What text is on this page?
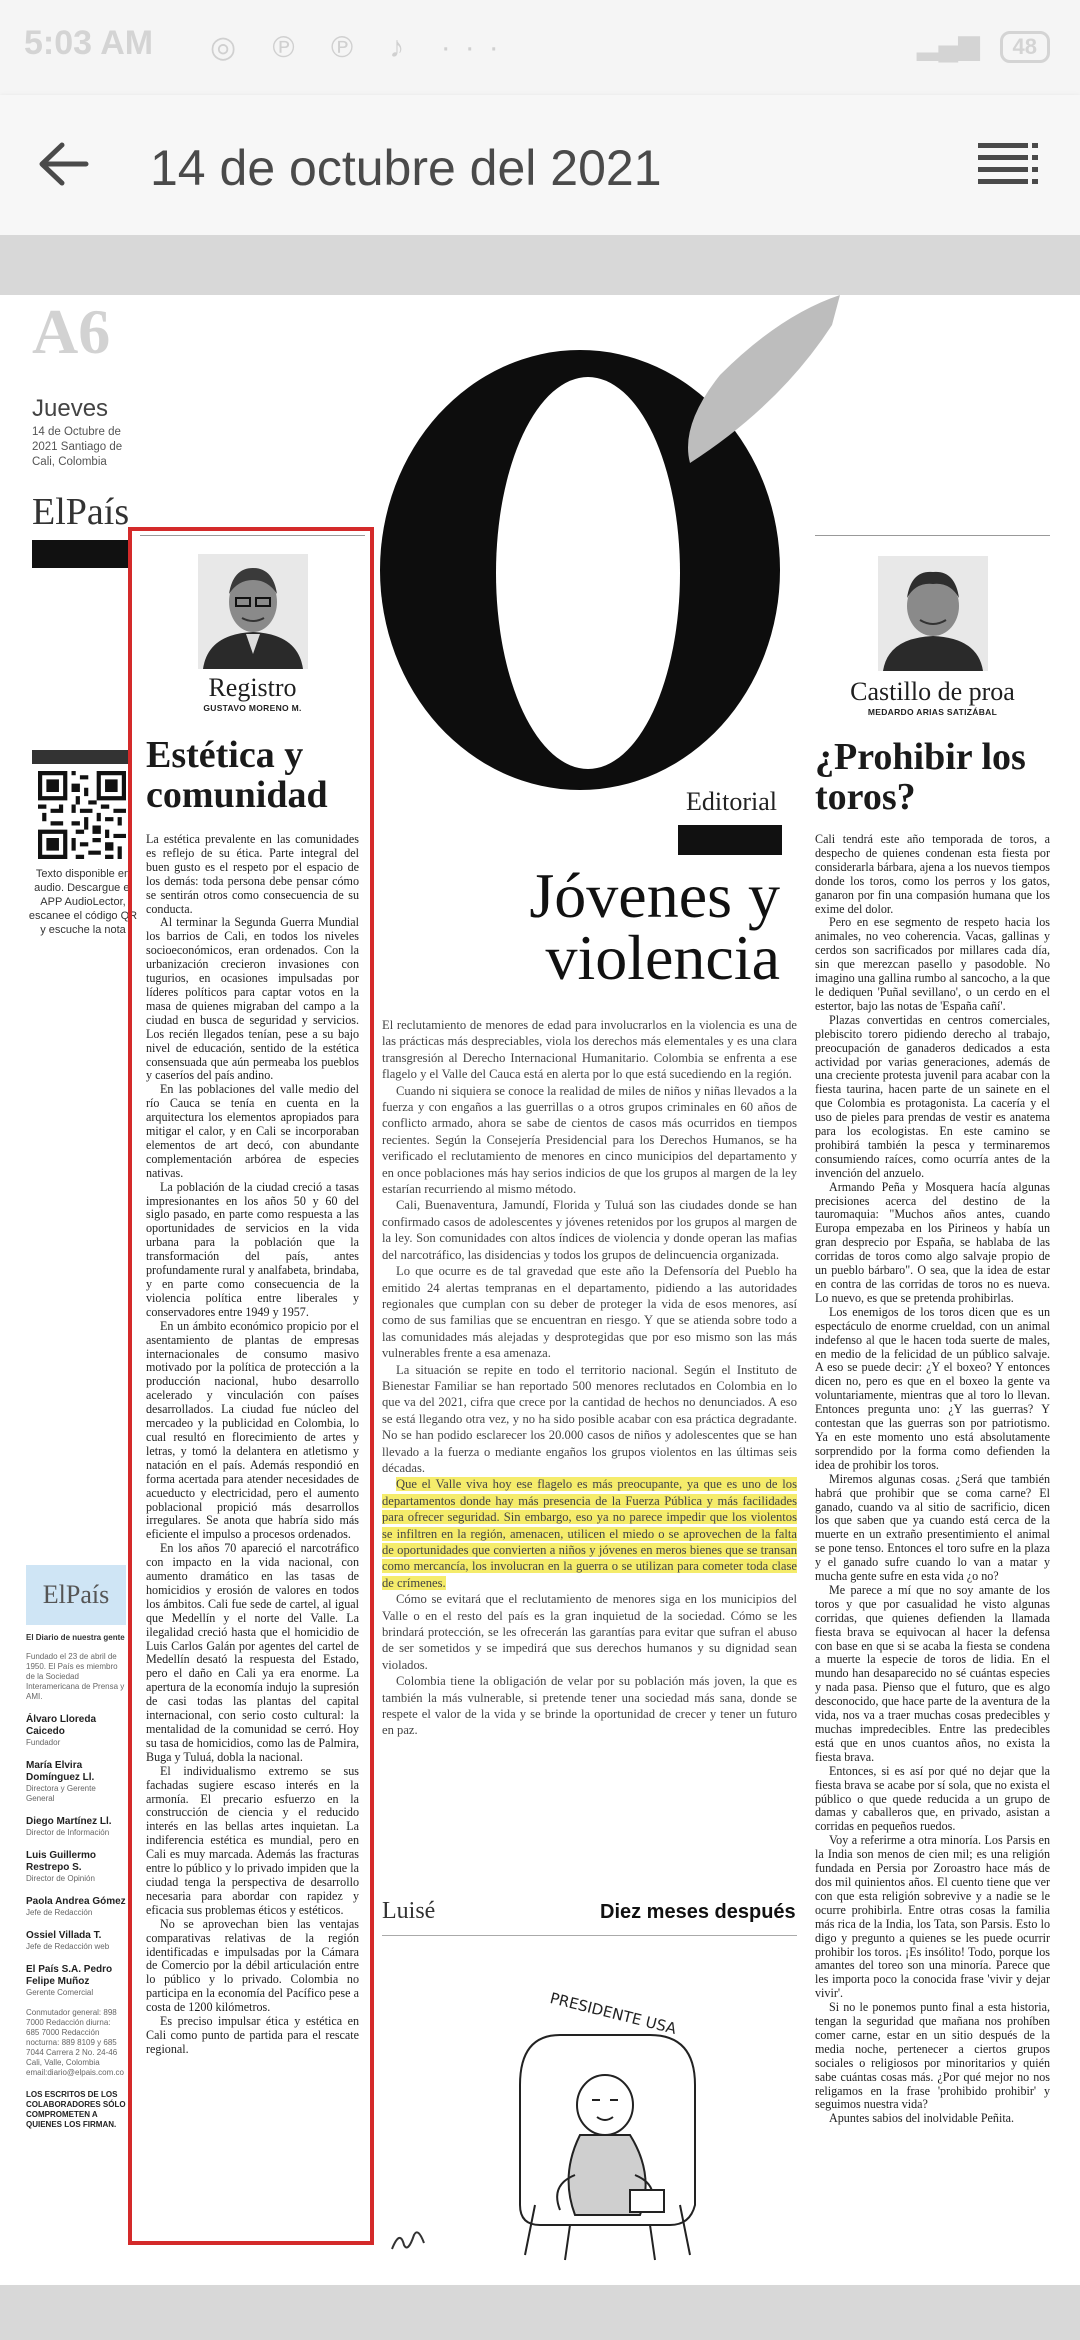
5:03 AM ◎ ℗ ℗ ♪ ···	▂▄▆ 48
14 de octubre del 2021
A6
Jueves
14 de Octubre de 2021 Santiago de Cali, Colombia
ElPaís
Texto disponible en audio. Descargue el APP AudioLector, escanee el código QR y escuche la nota
Registro
GUSTAVO MORENO M.
Estética y comunidad

La estética prevalente en las comunidades es reflejo de su ética. Parte integral del buen gusto es el respeto por el espacio de los demás: toda persona debe pensar cómo se sentirán otros como consecuencia de su conducta.

Al terminar la Segunda Guerra Mundial los barrios de Cali, en todos los niveles socioeconómicos, eran ordenados. Con la urbanización crecieron invasiones con tugurios, en ocasiones impulsadas por líderes políticos para captar votos en la masa de quienes migraban del campo a la ciudad en busca de seguridad y servicios. Los recién llegados tenían, pese a su bajo nivel de educación, sentido de la estética consensuada que aún permeaba los pueblos y caseríos del país andino.

En las poblaciones del valle medio del río Cauca se tenía en cuenta en la arquitectura los elementos apropiados para mitigar el calor, y en Cali se incorporaban elementos de art decó, con abundante complementación arbórea de especies nativas.

La población de la ciudad creció a tasas impresionantes en los años 50 y 60 del siglo pasado, en parte como respuesta a las oportunidades de servicios en la vida urbana para la población que la transformación del país, antes profundamente rural y analfabeta, brindaba, y en parte como consecuencia de la violencia política entre liberales y conservadores entre 1949 y 1957.

En un ámbito económico propicio por el asentamiento de plantas de empresas internacionales de consumo masivo motivado por la política de protección a la producción nacional, hubo desarrollo acelerado y vinculación con países desarrollados. La ciudad fue núcleo del mercadeo y la publicidad en Colombia, lo cual resultó en florecimiento de artes y letras, y tomó la delantera en atletismo y natación en el país. Además respondió en forma acertada para atender necesidades de acueducto y electricidad, pero el aumento poblacional propició más desarrollos irregulares. Se anota que habría sido más eficiente el impulso a procesos ordenados.

En los años 70 apareció el narcotráfico con impacto en la vida nacional, con aumento dramático en las tasas de homicidios y erosión de valores en todos los ámbitos. Cali fue sede de cartel, al igual que Medellín y el norte del Valle. La ilegalidad creció hasta que el homicidio de Luis Carlos Galán por agentes del cartel de Medellín desató la respuesta del Estado, pero el daño en Cali ya era enorme. La apertura de la economía indujo la supresión de casi todas las plantas del capital internacional, con serio costo cultural: la mentalidad de la comunidad se cerró. Hoy su tasa de homicidios, como las de Palmira, Buga y Tuluá, dobla la nacional.

El individualismo extremo se sus fachadas sugiere escaso interés en la armonía. El precario esfuerzo en la construcción de ciencia y el reducido interés en las bellas artes inquietan. La indiferencia estética es mundial, pero en Cali es muy marcada. Además las fracturas entre lo público y lo privado impiden que la ciudad tenga la perspectiva de desarrollo necesaria para abordar con rapidez y eficacia sus problemas éticos y estéticos.

No se aprovechan bien las ventajas comparativas relativas de la región identificadas e impulsadas por la Cámara de Comercio por la débil articulación entre lo público y lo privado. Colombia no participa en la economía del Pacífico pese a costa de 1200 kilómetros.

Es preciso impulsar ética y estética en Cali como punto de partida para el rescate regional.

Editorial
Jóvenes y violencia

El reclutamiento de menores de edad para involucrarlos en la violencia es una de las prácticas más despreciables, viola los derechos más elementales y es una clara transgresión al Derecho Internacional Humanitario. Colombia se enfrenta a ese flagelo y el Valle del Cauca está en alerta por lo que está sucediendo en la región.

Cuando ni siquiera se conoce la realidad de miles de niños y niñas llevados a la fuerza y con engaños a las guerrillas o a otros grupos criminales en 60 años de conflicto armado, ahora se sabe de cientos de casos más ocurridos en tiempos recientes. Según la Consejería Presidencial para los Derechos Humanos, se ha verificado el reclutamiento de menores en cinco municipios del departamento y en once poblaciones más hay serios indicios de que los grupos al margen de la ley estarían recurriendo al mismo método.

Cali, Buenaventura, Jamundí, Florida y Tuluá son las ciudades donde se han confirmado casos de adolescentes y jóvenes retenidos por los grupos al margen de la ley. Son comunidades con altos índices de violencia y donde operan las mafias del narcotráfico, las disidencias y todos los grupos de delincuencia organizada.

Lo que ocurre es de tal gravedad que este año la Defensoría del Pueblo ha emitido 24 alertas tempranas en el departamento, pidiendo a las autoridades regionales que cumplan con su deber de proteger la vida de esos menores, así como de sus familias que se encuentran en riesgo. Y que se atienda sobre todo a las comunidades más alejadas y desprotegidas que por eso mismo son las más vulnerables frente a esa amenaza.

La situación se repite en todo el territorio nacional. Según el Instituto de Bienestar Familiar se han reportado 500 menores reclutados en Colombia en lo que va del 2021, cifra que crece por la cantidad de hechos no denunciados. A eso se está llegando otra vez, y no ha sido posible acabar con esa práctica degradante. No se han podido esclarecer los 20.000 casos de niños y adolescentes que se han llevado a la fuerza o mediante engaños los grupos violentos en las últimas seis décadas.

Que el Valle viva hoy ese flagelo es más preocupante, ya que es uno de los departamentos donde hay más presencia de la Fuerza Pública y más facilidades para ofrecer seguridad. Sin embargo, eso ya no parece impedir que los violentos se infiltren en la región, amenacen, utilicen el miedo o se aprovechen de la falta de oportunidades que convierten a niños y jóvenes en meros bienes que se transan como mercancía, los involucran en la guerra o se utilizan para cometer toda clase de crímenes.

Cómo se evitará que el reclutamiento de menores siga en los municipios del Valle o en el resto del país es la gran inquietud de la sociedad. Cómo se les brindará protección, se les ofrecerán las garantías para evitar que sufran el abuso de ser sometidos y se impedirá que sus derechos humanos y su dignidad sean violados.

Colombia tiene la obligación de velar por su población más joven, la que es también la más vulnerable, si pretende tener una sociedad más sana, donde se respete el valor de la vida y se brinde la oportunidad de crecer y tener un futuro en paz.

Luisé	Diez meses después
PRESIDENTE USA
Castillo de proa
MEDARDO ARIAS SATIZÁBAL
¿Prohibir los toros?

Cali tendrá este año temporada de toros, a despecho de quienes condenan esta fiesta por considerarla bárbara, ajena a los nuevos tiempos donde los toros, como los perros y los gatos, ganaron por fin una compasión humana que los exime del dolor.

Pero en ese segmento de respeto hacia los animales, no veo coherencia. Vacas, gallinas y cerdos son sacrificados por millares cada día, sin que merezcan pasello y pasodoble. No imagino una gallina rumbo al sancocho, a la que le dediquen 'Puñal sevillano', o un cerdo en el estertor, bajo las notas de 'España cañí'.

Plazas convertidas en centros comerciales, plebiscito torero pidiendo derecho al trabajo, preocupación de ganaderos dedicados a esta actividad por varias generaciones, además de una creciente protesta juvenil para acabar con la fiesta taurina, hacen parte de un sainete en el que Colombia es protagonista. La cacería y el uso de pieles para prendas de vestir es anatema para los ecologistas. En este camino se prohibirá también la pesca y terminaremos consumiendo raíces, como ocurría antes de la invención del anzuelo.

Armando Peña y Mosquera hacía algunas precisiones acerca del destino de la tauromaquia: "Muchos años antes, cuando Europa empezaba en los Pirineos y había un gran desprecio por España, se hablaba de las corridas de toros como algo salvaje propio de un pueblo bárbaro". O sea, que la idea de estar en contra de las corridas de toros no es nueva. Lo nuevo, es que se pretenda prohibirlas.

Los enemigos de los toros dicen que es un espectáculo de enorme crueldad, con un animal indefenso al que le hacen toda suerte de males, en medio de la felicidad de un público salvaje. A eso se puede decir: ¿Y el boxeo? Y entonces dicen no, pero es que en el boxeo la gente va voluntariamente, mientras que al toro lo llevan. Entonces pregunta uno: ¿Y las guerras? Y contestan que las guerras son por patriotismo. Ya en este momento uno está absolutamente sorprendido por la forma como defienden la idea de prohibir los toros.

Miremos algunas cosas. ¿Será que también habrá que prohibir que se coma carne? El ganado, cuando va al sitio de sacrificio, dicen los que saben que ya cuando está cerca de la muerte en un extraño presentimiento el animal se pone tenso. Entonces el toro sufre en la plaza y el ganado sufre cuando lo van a matar y mucha gente sufre en esta vida ¿o no?

Me parece a mí que no soy amante de los toros y que por casualidad he visto algunas corridas, que quienes defienden la llamada fiesta brava se equivocan al hacer la defensa con base en que si se acaba la fiesta se condena a muerte la especie de toros de lidia. En el mundo han desaparecido no sé cuántas especies y nada pasa. Pienso que el futuro, que es algo desconocido, que hace parte de la aventura de la vida, nos va a traer muchas cosas predecibles y muchas impredecibles. Entre las predecibles está que en unos cuantos años, no exista la fiesta brava.

Entonces, si es así por qué no dejar que la fiesta brava se acabe por sí sola, que no exista el público o que quede reducida a un grupo de damas y caballeros que, en privado, asistan a corridas en pequeños ruedos.

Voy a referirme a otra minoría. Los Parsis en la India son menos de cien mil; es una religión fundada en Persia por Zoroastro hace más de dos mil quinientos años. El cuento tiene que ver con que esta religión sobrevive y a nadie se le ocurre prohibirla. Entre otras cosas la familia más rica de la India, los Tata, son Parsis. Esto lo digo y pregunto a quienes se les puede ocurrir prohibir los toros. ¡Es insólito! Todo, porque los amantes del toreo son una minoría. Parece que les importa poco la conocida frase 'vivir y dejar vivir'.

Si no le ponemos punto final a esta historia, tengan la seguridad que mañana nos prohíben comer carne, estar en un sitio después de la media noche, pertenecer a ciertos grupos sociales o religiosos por minoritarios y quién sabe cuántas cosas más. ¿Por qué mejor no nos religamos en la frase 'prohibido prohibir' y seguimos nuestra vida?

Apuntes sabios del inolvidable Peñita.

ElPaís
El Diario de nuestra gente
Fundado el 23 de abril de 1950. El País es miembro de la Sociedad Interamericana de Prensa y AMI.
Álvaro Lloreda Caicedo
Fundador
María Elvira Domínguez Ll.
Directora y Gerente General
Diego Martínez Ll.
Director de Información
Luis Guillermo Restrepo S.
Director de Opinión
Paola Andrea Gómez
Jefe de Redacción
Ossiel Villada T.
Jefe de Redacción web
El País S.A. Pedro Felipe Muñoz
Gerente Comercial
Conmutador general: 898 7000 Redacción diurna: 685 7000 Redacción nocturna: 889 8109 y 685 7044 Carrera 2 No. 24-46 Cali, Valle, Colombia email:diario@elpais.com.co
LOS ESCRITOS DE LOS COLABORADORES SÓLO COMPROMETEN A QUIENES LOS FIRMAN.
